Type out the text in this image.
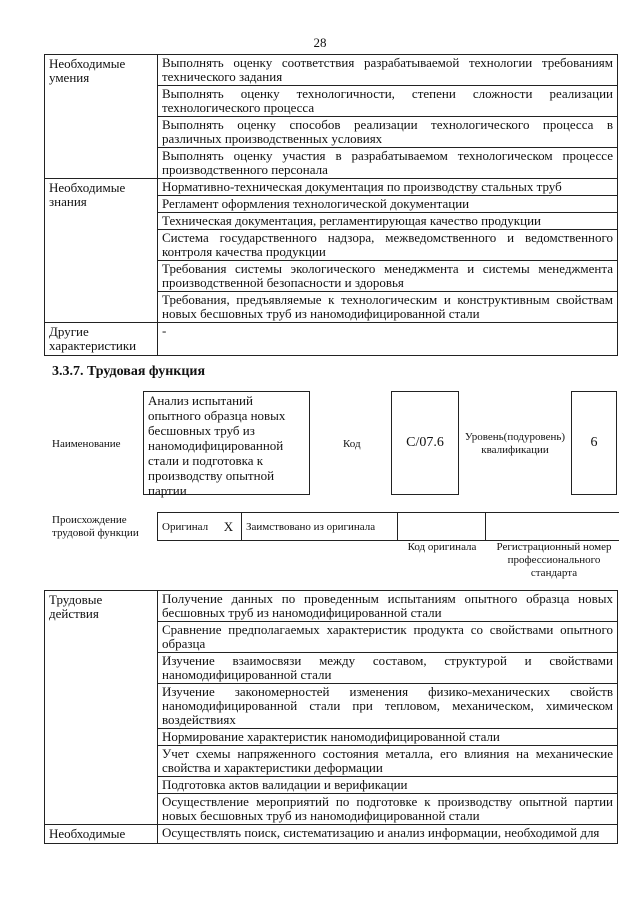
28
Необходимые умения	Выполнять оценку соответствия разрабатываемой технологии требованиям технического задания
	Выполнять оценку технологичности, степени сложности реализации технологического процесса
	Выполнять оценку способов реализации технологического процесса в различных производственных условиях
	Выполнять оценку участия в разрабатываемом технологическом процессе производственного персонала
Необходимые знания	Нормативно-техническая документация по производству стальных труб
	Регламент оформления технологической документации
	Техническая документация, регламентирующая качество продукции
	Система государственного надзора, межведомственного и ведомственного контроля качества продукции
	Требования системы экологического менеджмента и системы менеджмента производственной безопасности и здоровья
	Требования, предъявляемые к технологическим и конструктивным свойствам новых бесшовных труб из наномодифицированной стали
Другие характеристики	-
3.3.7. Трудовая функция
Наименование
Анализ испытаний опытного образца новых бесшовных труб из наномодифицированной стали и подготовка к производству опытной партии
Код	С/07.6	Уровень(подуровень) квалификации	6
Происхождение трудовой функции
Оригинал	X	Заимствовано из оригинала
Код оригинала	Регистрационный номер профессионального стандарта
Трудовые действия	Получение данных по проведенным испытаниям опытного образца новых бесшовных труб из наномодифицированной стали
	Сравнение предполагаемых характеристик продукта со свойствами опытного образца
	Изучение взаимосвязи между составом, структурой и свойствами наномодифицированной стали
	Изучение закономерностей изменения физико-механических свойств наномодифицированной стали при тепловом, механическом, химическом воздействиях
	Нормирование характеристик наномодифицированной стали
	Учет схемы напряженного состояния металла, его влияния на механические свойства и характеристики деформации
	Подготовка актов валидации и верификации
	Осуществление мероприятий по подготовке к производству опытной партии новых бесшовных труб из наномодифицированной стали
Необходимые	Осуществлять поиск, систематизацию и анализ информации, необходимой для
